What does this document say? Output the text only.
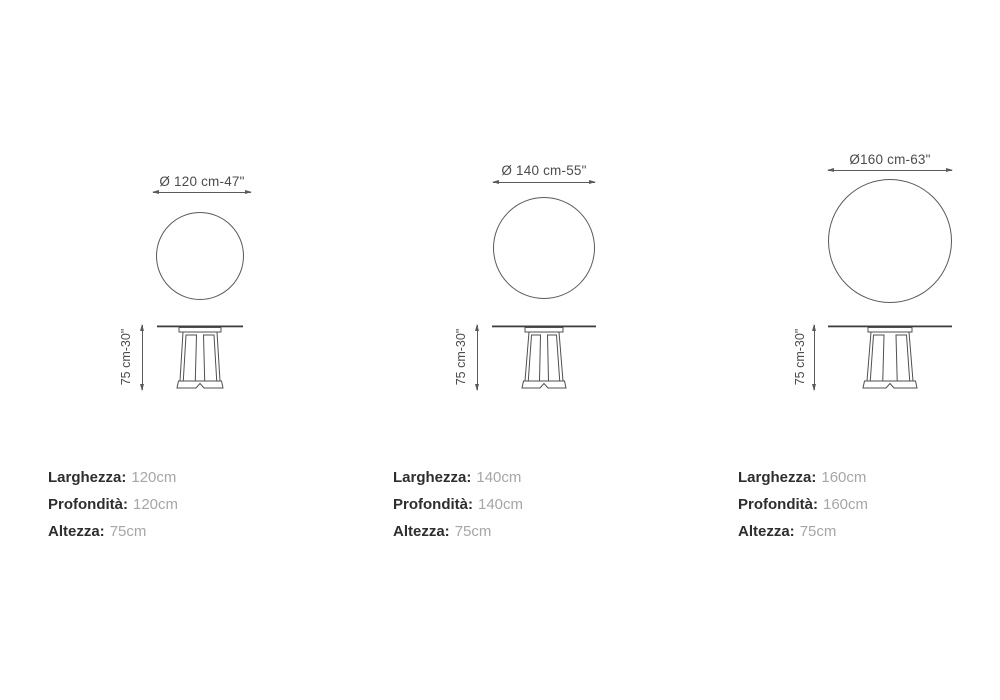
Ø 120 cm-47"
75 cm-30"
Larghezza: 120cm
Profondità: 120cm
Altezza: 75cm
Ø 140 cm-55"
75 cm-30"
Larghezza: 140cm
Profondità: 140cm
Altezza: 75cm
Ø160 cm-63"
75 cm-30"
Larghezza: 160cm
Profondità: 160cm
Altezza: 75cm
